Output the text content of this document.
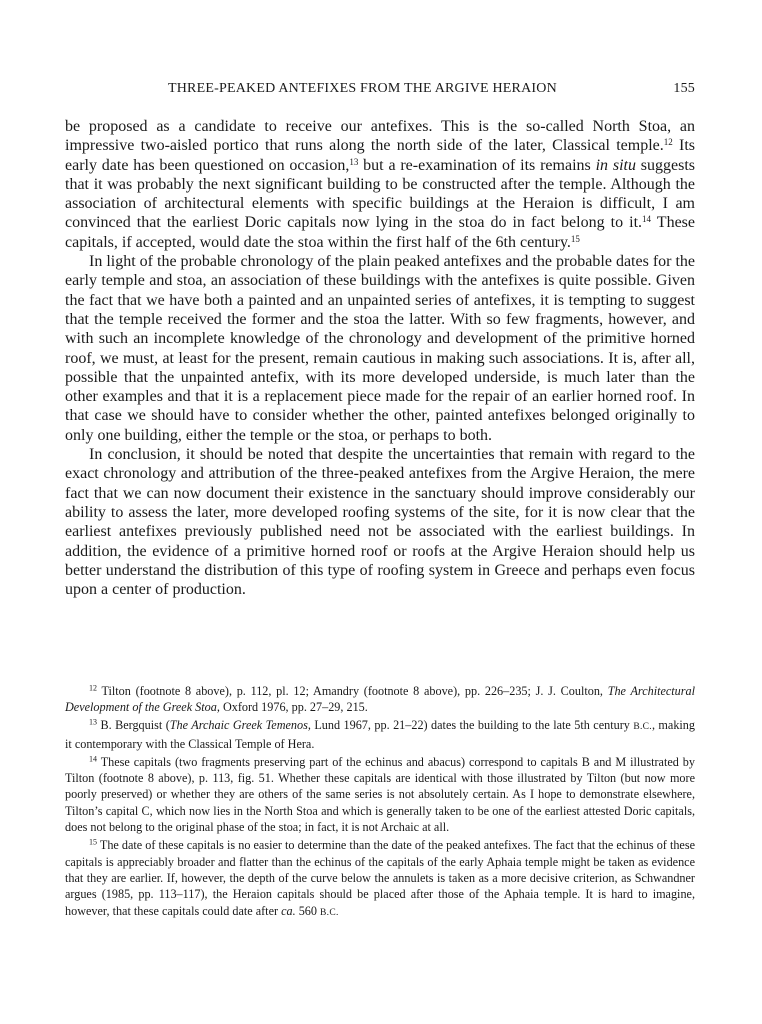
THREE-PEAKED ANTEFIXES FROM THE ARGIVE HERAION	155

be proposed as a candidate to receive our antefixes. This is the so-called North Stoa, an impressive two-aisled portico that runs along the north side of the later, Classical temple.$^{12}$ Its early date has been questioned on occasion,$^{13}$ but a re-examination of its remains in situ suggests that it was probably the next significant building to be constructed after the temple. Although the association of architectural elements with specific buildings at the Heraion is difficult, I am convinced that the earliest Doric capitals now lying in the stoa do in fact belong to it.$^{14}$ These capitals, if accepted, would date the stoa within the first half of the 6th century.$^{15}$

In light of the probable chronology of the plain peaked antefixes and the probable dates for the early temple and stoa, an association of these buildings with the antefixes is quite possible. Given the fact that we have both a painted and an unpainted series of antefixes, it is tempting to suggest that the temple received the former and the stoa the latter. With so few fragments, however, and with such an incomplete knowledge of the chronology and development of the primitive horned roof, we must, at least for the present, remain cautious in making such associations. It is, after all, possible that the unpainted antefix, with its more developed underside, is much later than the other examples and that it is a replacement piece made for the repair of an earlier horned roof. In that case we should have to consider whether the other, painted antefixes belonged originally to only one building, either the temple or the stoa, or perhaps to both.

In conclusion, it should be noted that despite the uncertainties that remain with regard to the exact chronology and attribution of the three-peaked antefixes from the Argive Heraion, the mere fact that we can now document their existence in the sanctuary should improve considerably our ability to assess the later, more developed roofing systems of the site, for it is now clear that the earliest antefixes previously published need not be associated with the earliest buildings. In addition, the evidence of a primitive horned roof or roofs at the Argive Heraion should help us better understand the distribution of this type of roofing system in Greece and perhaps even focus upon a center of production.

$^{12}$ Tilton (footnote 8 above), p. 112, pl. 12; Amandry (footnote 8 above), pp. 226–235; J. J. Coulton, The Architectural Development of the Greek Stoa, Oxford 1976, pp. 27–29, 215.

$^{13}$ B. Bergquist (The Archaic Greek Temenos, Lund 1967, pp. 21–22) dates the building to the late 5th century B.C., making it contemporary with the Classical Temple of Hera.

$^{14}$ These capitals (two fragments preserving part of the echinus and abacus) correspond to capitals B and M illustrated by Tilton (footnote 8 above), p. 113, fig. 51. Whether these capitals are identical with those illustrated by Tilton (but now more poorly preserved) or whether they are others of the same series is not absolutely certain. As I hope to demonstrate elsewhere, Tilton’s capital C, which now lies in the North Stoa and which is generally taken to be one of the earliest attested Doric capitals, does not belong to the original phase of the stoa; in fact, it is not Archaic at all.

$^{15}$ The date of these capitals is no easier to determine than the date of the peaked antefixes. The fact that the echinus of these capitals is appreciably broader and flatter than the echinus of the capitals of the early Aphaia temple might be taken as evidence that they are earlier. If, however, the depth of the curve below the annulets is taken as a more decisive criterion, as Schwandner argues (1985, pp. 113–117), the Heraion capitals should be placed after those of the Aphaia temple. It is hard to imagine, however, that these capitals could date after ca. 560 B.C.
